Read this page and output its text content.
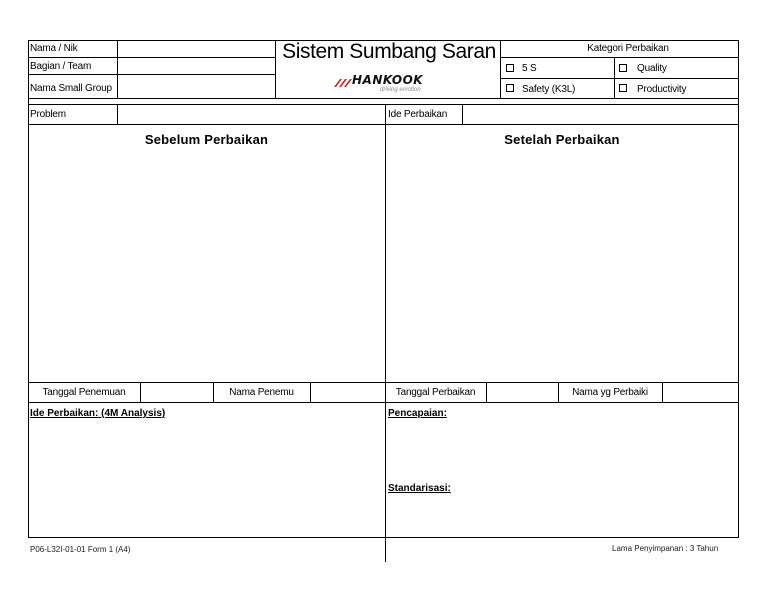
Nama / Nik
Bagian / Team
Nama Small Group
Sistem Sumbang Saran
HANKOOK
driving emotion
Kategori Perbaikan
5 S	Quality
Safety (K3L)	Productivity
Problem	Ide Perbaikan
Sebelum Perbaikan	Setelah Perbaikan
Tanggal Penemuan	Nama Penemu	Tanggal Perbaikan	Nama yg Perbaiki
Ide Perbaikan: (4M Analysis)	Pencapaian:
Standarisasi:
P06-L32I-01-01 Form 1 (A4)	Lama Penyimpanan : 3 Tahun
